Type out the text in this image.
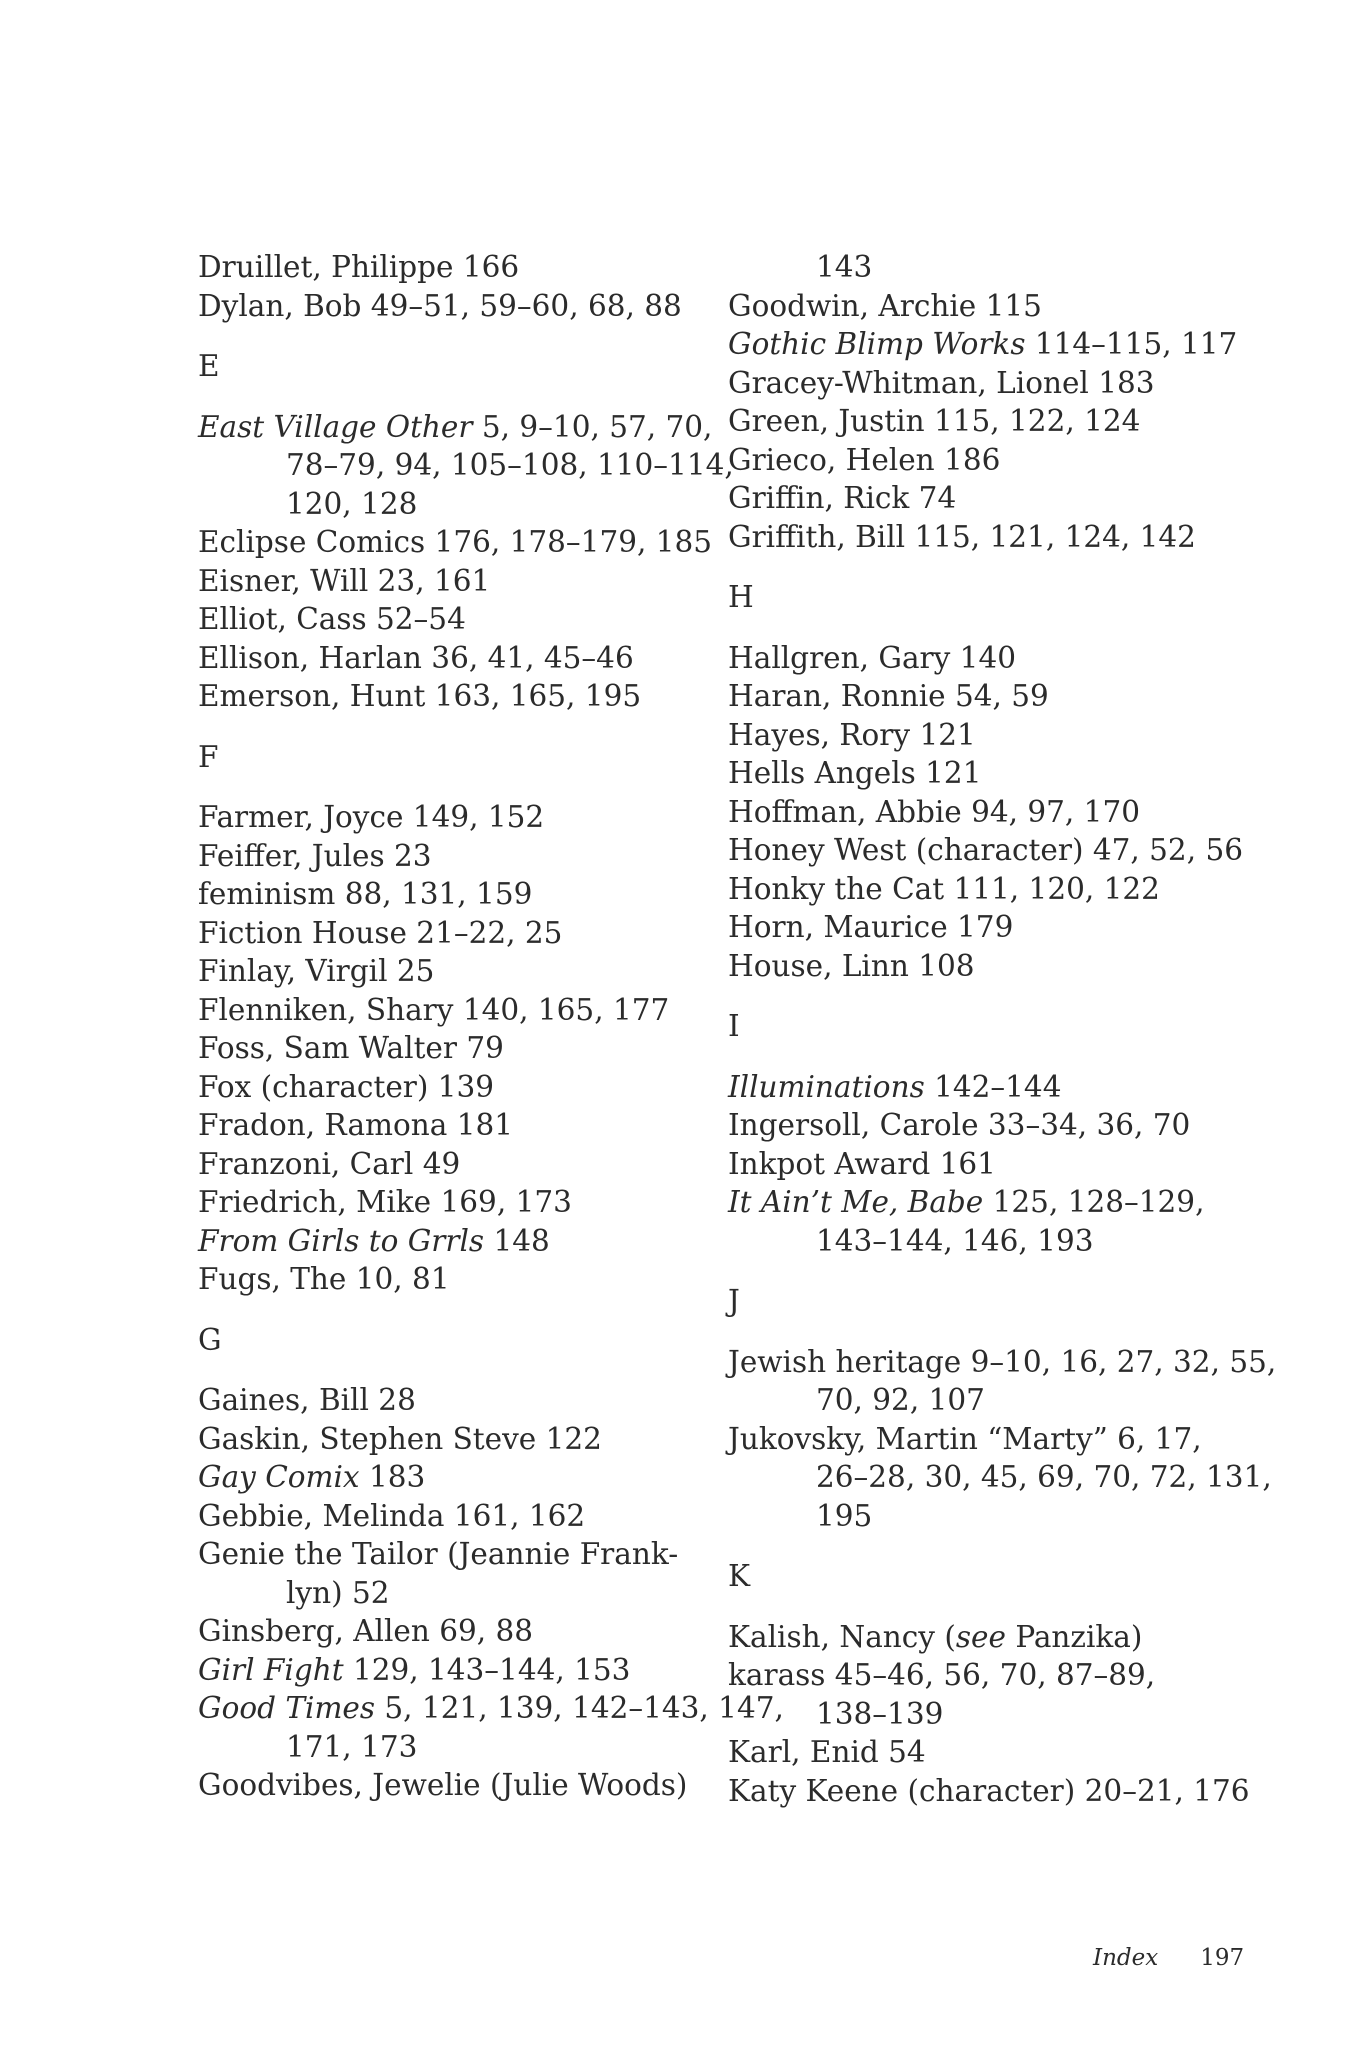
Druillet, Philippe 166
Dylan, Bob 49–51, 59–60, 68, 88
E
East Village Other 5, 9–10, 57, 70,
78–79, 94, 105–108, 110–114,
120, 128
Eclipse Comics 176, 178–179, 185
Eisner, Will 23, 161
Elliot, Cass 52–54
Ellison, Harlan 36, 41, 45–46
Emerson, Hunt 163, 165, 195
F
Farmer, Joyce 149, 152
Feiffer, Jules 23
feminism 88, 131, 159
Fiction House 21–22, 25
Finlay, Virgil 25
Flenniken, Shary 140, 165, 177
Foss, Sam Walter 79
Fox (character) 139
Fradon, Ramona 181
Franzoni, Carl 49
Friedrich, Mike 169, 173
From Girls to Grrls 148
Fugs, The 10, 81
G
Gaines, Bill 28
Gaskin, Stephen Steve 122
Gay Comix 183
Gebbie, Melinda 161, 162
Genie the Tailor (Jeannie Frank-
lyn) 52
Ginsberg, Allen 69, 88
Girl Fight 129, 143–144, 153
Good Times 5, 121, 139, 142–143, 147,
171, 173
Goodvibes, Jewelie (Julie Woods)
143
Goodwin, Archie 115
Gothic Blimp Works 114–115, 117
Gracey-Whitman, Lionel 183
Green, Justin 115, 122, 124
Grieco, Helen 186
Griffin, Rick 74
Griffith, Bill 115, 121, 124, 142
H
Hallgren, Gary 140
Haran, Ronnie 54, 59
Hayes, Rory 121
Hells Angels 121
Hoffman, Abbie 94, 97, 170
Honey West (character) 47, 52, 56
Honky the Cat 111, 120, 122
Horn, Maurice 179
House, Linn 108
I
Illuminations 142–144
Ingersoll, Carole 33–34, 36, 70
Inkpot Award 161
It Ain’t Me, Babe 125, 128–129,
143–144, 146, 193
J
Jewish heritage 9–10, 16, 27, 32, 55,
70, 92, 107
Jukovsky, Martin “Marty” 6, 17,
26–28, 30, 45, 69, 70, 72, 131,
195
K
Kalish, Nancy (see Panzika)
karass 45–46, 56, 70, 87–89,
138–139
Karl, Enid 54
Katy Keene (character) 20–21, 176
Index 197
